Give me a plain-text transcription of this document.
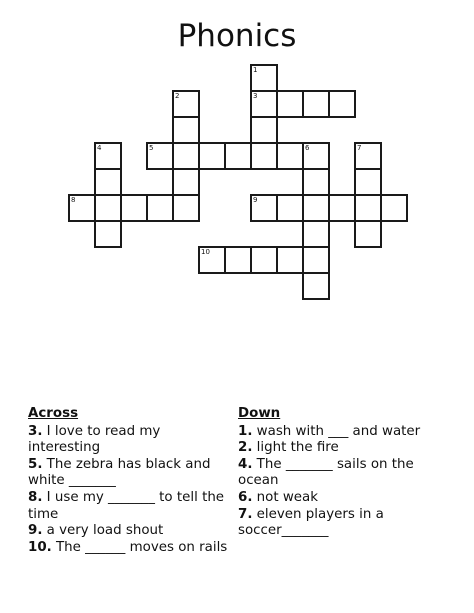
Phonics
1
3
2
4	5	6	7
8	9
10
Across

3. I love to read my interesting

5. The zebra has black and white _______

8. I use my _______ to tell the time

9. a very load shout

10. The ______ moves on rails

Down

1. wash with ___ and water

2. light the fire

4. The _______ sails on the ocean

6. not weak

7. eleven players in a soccer_______
